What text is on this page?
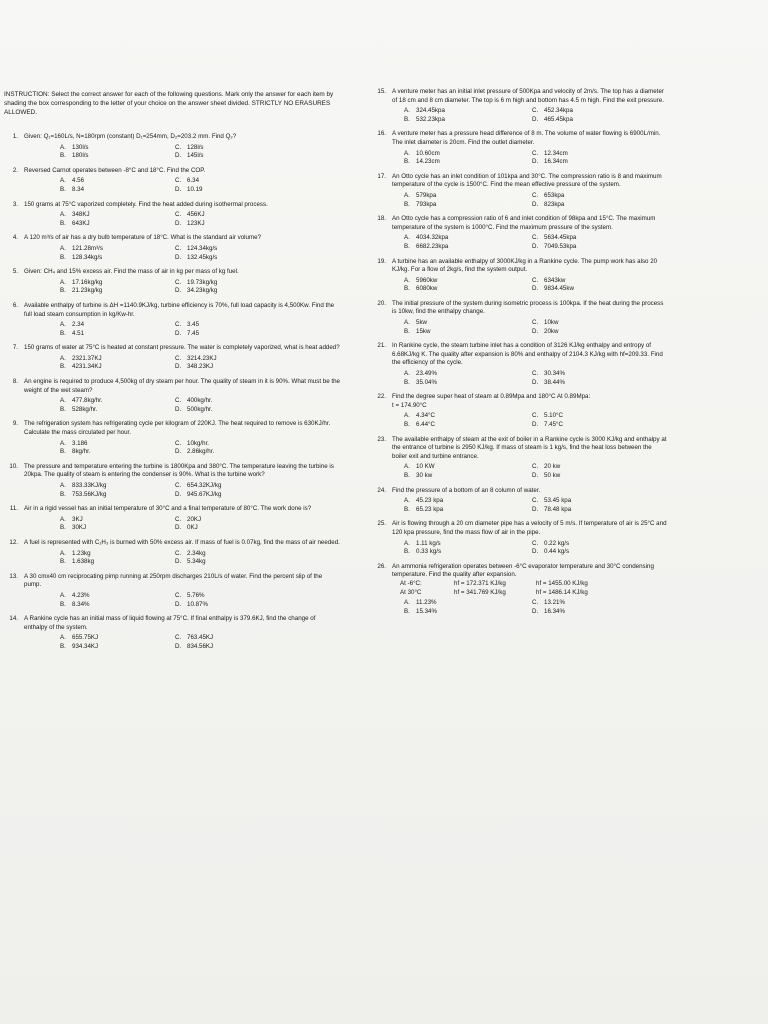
INSTRUCTION: Select the correct answer for each of the following questions. Mark only the answer for each item by shading the box corresponding to the letter of your choice on the answer sheet divided. STRICTLY NO ERASURES ALLOWED.
1. Given: Q₁=160L/s, N=180rpm (constant) D₁=254mm, D₂=203.2 mm. Find Q₂?
A. 130l/s	C. 128l/s
B. 180l/s	D. 145l/s
2. Reversed Carnot operates between -8°C and 18°C. Find the COP.
A. 4.56	C. 6.34
B. 8.34	D. 10.19
3. 150 grams at 75°C vaporized completely. Find the heat added during isothermal process.
A. 348KJ	C. 456KJ
B. 643KJ	D. 123KJ
4. A 120 m³/s of air has a dry bulb temperature of 18°C. What is the standard air volume?
A. 121.28m³/s	C. 124.34kg/s
B. 128.34kg/s	D. 132.45kg/s
5. Given: CH₄ and 15% excess air. Find the mass of air in kg per mass of kg fuel.
A. 17.16kg/kg	C. 19.73kg/kg
B. 21.23kg/kg	D. 34.23kg/kg
6. Available enthalpy of turbine is ΔH =1140.9KJ/kg, turbine efficiency is 70%, full load capacity is 4,500Kw. Find the full load steam consumption in kg/Kw-hr.
A. 2.34	C. 3.45
B. 4.51	D. 7.45
7. 150 grams of water at 75°C is heated at constant pressure. The water is completely vaporized, what is heat added?
A. 2321.37KJ	C. 3214.23KJ
B. 4231.34KJ	D. 348.23KJ
8. An engine is required to produce 4,500kg of dry steam per hour. The quality of steam in it is 90%. What must be the weight of the wet steam?
A. 477.8kg/hr.	C. 400kg/hr.
B. 528kg/hr.	D. 500kg/hr.
9. The refrigeration system has refrigerating cycle per kilogram of 220KJ. The heat required to remove is 630KJ/hr. Calculate the mass circulated per hour.
A. 3.186	C. 10kg/hr.
B. 8kg/hr.	D. 2.86kg/hr.
10. The pressure and temperature entering the turbine is 1800Kpa and 380°C. The temperature leaving the turbine is 20kpa. The quality of steam is entering the condenser is 90%. What is the turbine work?
A. 833.33KJ/kg	C. 654.32KJ/kg
B. 753.56KJ/kg	D. 945.67KJ/kg
11. Air in a rigid vessel has an initial temperature of 30°C and a final temperature of 80°C. The work done is?
A. 3KJ	C. 20KJ
B. 30KJ	D. 0KJ
12. A fuel is represented with C₁H₃ is burned with 50% excess air. If mass of fuel is 0.07kg, find the mass of air needed.
A. 1.23kg	C. 2.34kg
B. 1.638kg	D. 5.34kg
13. A 30 cmx40 cm reciprocating pimp running at 250rpm discharges 210L/s of water. Find the percent slip of the pump.
A. 4.23%	C. 5.76%
B. 8.34%	D. 10.87%
14. A Rankine cycle has an initial mass of liquid flowing at 75°C. If final enthalpy is 379.6KJ, find the change of enthalpy of the system.
A. 655.75KJ	C. 763.45KJ
B. 934.34KJ	D. 834.56KJ
15. A venture meter has an initial inlet pressure of 500Kpa and velocity of 2m/s. The top has a diameter of 18 cm and 8 cm diameter. The top is 6 m high and bottom has 4.5 m high. Find the exit pressure.
A. 324.45kpa	C. 452.34kpa
B. 532.23kpa	D. 465.45kpa
16. A venture meter has a pressure head difference of 8 m. The volume of water flowing is 6900L/min. The inlet diameter is 20cm. Find the outlet diameter.
A. 10.60cm	C. 12.34cm
B. 14.23cm	D. 16.34cm
17. An Otto cycle has an inlet condition of 101kpa and 30°C. The compression ratio is 8 and maximum temperature of the cycle is 1500°C. Find the mean effective pressure of the system.
A. 579kpa	C. 653kpa
B. 793kpa	D. 823kpa
18. An Otto cycle has a compression ratio of 6 and inlet condition of 98kpa and 15°C. The maximum temperature of the system is 1000°C. Find the maximum pressure of the system.
A. 4034.32kpa	C. 5634.45kpa
B. 6682.23kpa	D. 7049.53kpa
19. A turbine has an available enthalpy of 3000KJ/kg in a Rankine cycle. The pump work has also 20 KJ/kg. For a flow of 2kg/s, find the system output.
A. 5960kw	C. 6343kw
B. 6080kw	D. 9834.45kw
20. The initial pressure of the system during isometric process is 100kpa. If the heat during the process is 10kw, find the enthalpy change.
A. 5kw	C. 10kw
B. 15kw	D. 20kw
21. In Rankine cycle, the steam turbine inlet has a condition of 3126 KJ/kg enthalpy and entropy of 6.68KJ/kg K. The quality after expansion is 80% and enthalpy of 2104.3 KJ/kg with hf=209.33. Find the efficiency of the cycle.
A. 23.49%	C. 30.34%
B. 35.04%	D. 38.44%
22. Find the degree super heat of steam at 0.89Mpa and 180°C At 0.89Mpa:
t = 174.90°C
A. 4.34°C	C. 5.10°C
B. 6.44°C	D. 7.45°C
23. The available enthalpy of steam at the exit of boiler in a Rankine cycle is 3000 KJ/kg and enthalpy at the entrance of turbine is 2950 KJ/kg. If mass of steam is 1 kg/s, find the heat loss between the boiler exit and turbine entrance.
A. 10 KW	C. 20 kw
B. 30 kw	D. 50 kw
24. Find the pressure of a bottom of an 8 column of water.
A. 45.23 kpa	C. 53.45 kpa
B. 65.23 kpa	D. 78.48 kpa
25. Air is flowing through a 20 cm diameter pipe has a velocity of 5 m/s. If temperature of air is 25°C and 120 kpa pressure, find the mass flow of air in the pipe.
A. 1.11 kg/s	C. 0.22 kg/s
B. 0.33 kg/s	D. 0.44 kg/s
26. An ammonia refrigeration operates between -6°C evaporator temperature and 30°C condensing temperature. Find the quality after expansion.
At -6°C:	hf = 172.371 KJ/kg	hf = 1455.00 KJ/kg
At 30°C	hf = 341.769 KJ/kg	hf = 1486.14 KJ/kg
A. 11.23%	C. 13.21%
B. 15.34%	D. 16.34%
